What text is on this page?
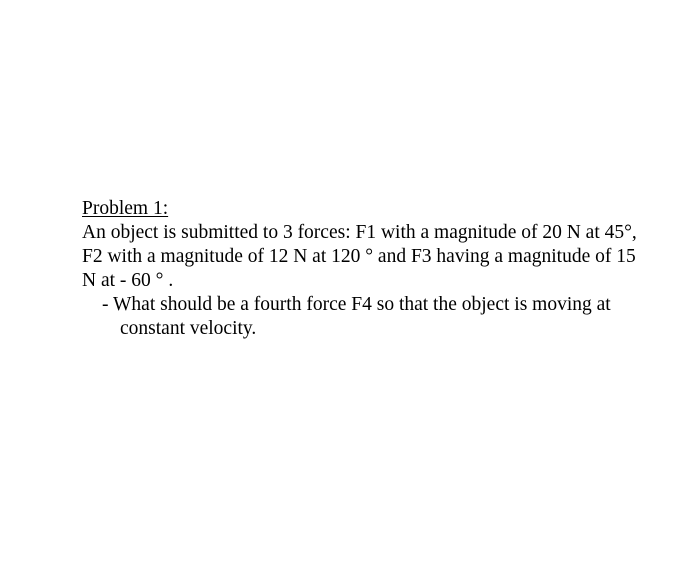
Problem 1:

An object is submitted to 3 forces: F1 with a magnitude of 20 N at 45°, F2 with a magnitude of 12 N at 120 ° and F3 having a magnitude of 15 N at - 60 ° .

- What should be a fourth force F4 so that the object is moving at constant velocity.
